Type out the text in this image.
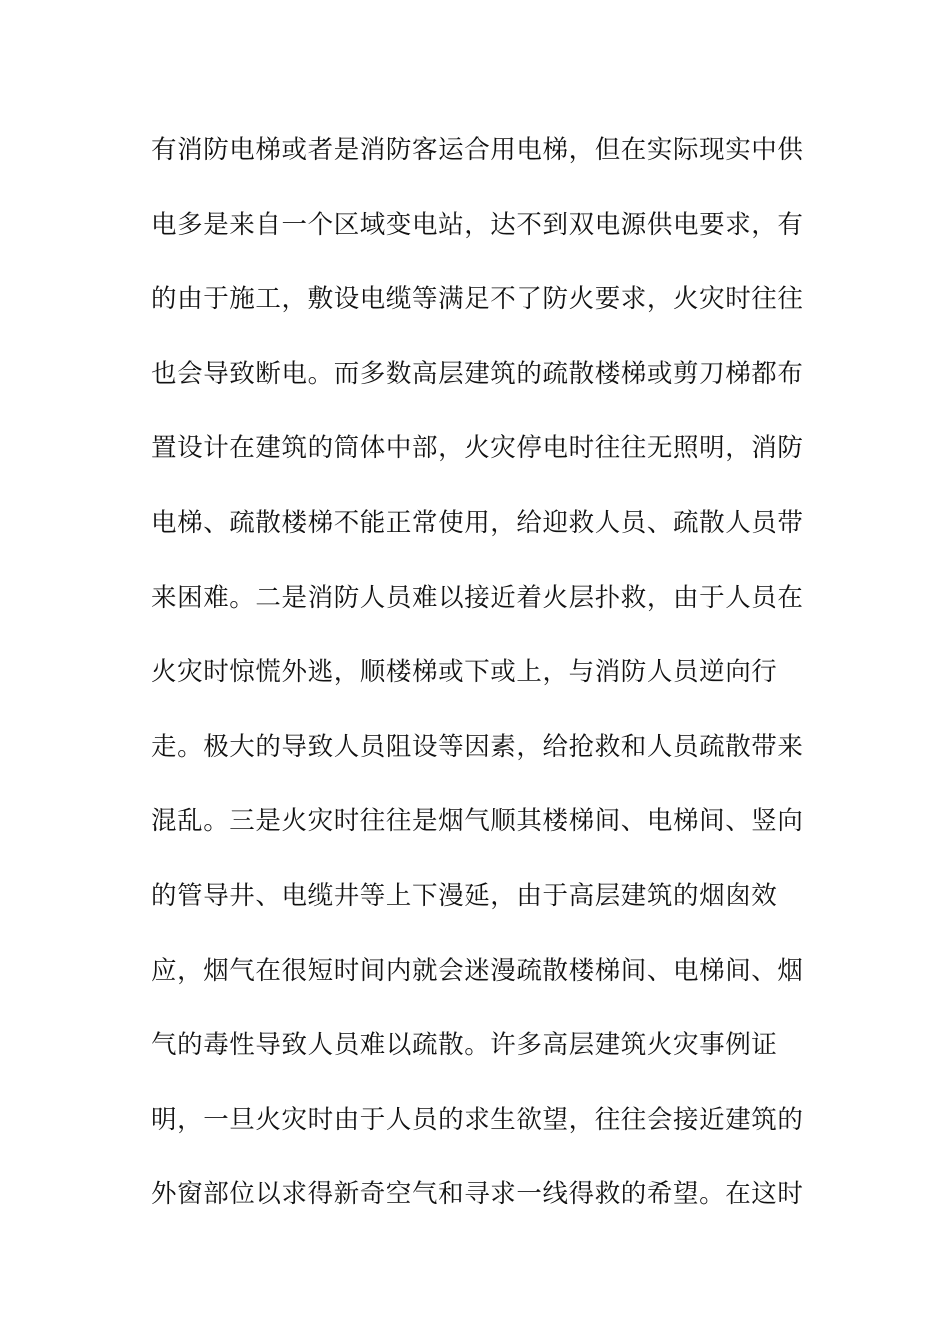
有消防电梯或者是消防客运合用电梯，但在实际现实中供
电多是来自一个区域变电站，达不到双电源供电要求，有
的由于施工，敷设电缆等满足不了防火要求，火灾时往往
也会导致断电。而多数高层建筑的疏散楼梯或剪刀梯都布
置设计在建筑的筒体中部，火灾停电时往往无照明，消防
电梯、疏散楼梯不能正常使用，给迎救人员、疏散人员带
来困难。二是消防人员难以接近着火层扑救，由于人员在
火灾时惊慌外逃，顺楼梯或下或上，与消防人员逆向行
走。极大的导致人员阻设等因素，给抢救和人员疏散带来
混乱。三是火灾时往往是烟气顺其楼梯间、电梯间、竖向
的管导井、电缆井等上下漫延，由于高层建筑的烟囱效
应，烟气在很短时间内就会迷漫疏散楼梯间、电梯间、烟
气的毒性导致人员难以疏散。许多高层建筑火灾事例证
明，一旦火灾时由于人员的求生欲望，往往会接近建筑的
外窗部位以求得新奇空气和寻求一线得救的希望。在这时
